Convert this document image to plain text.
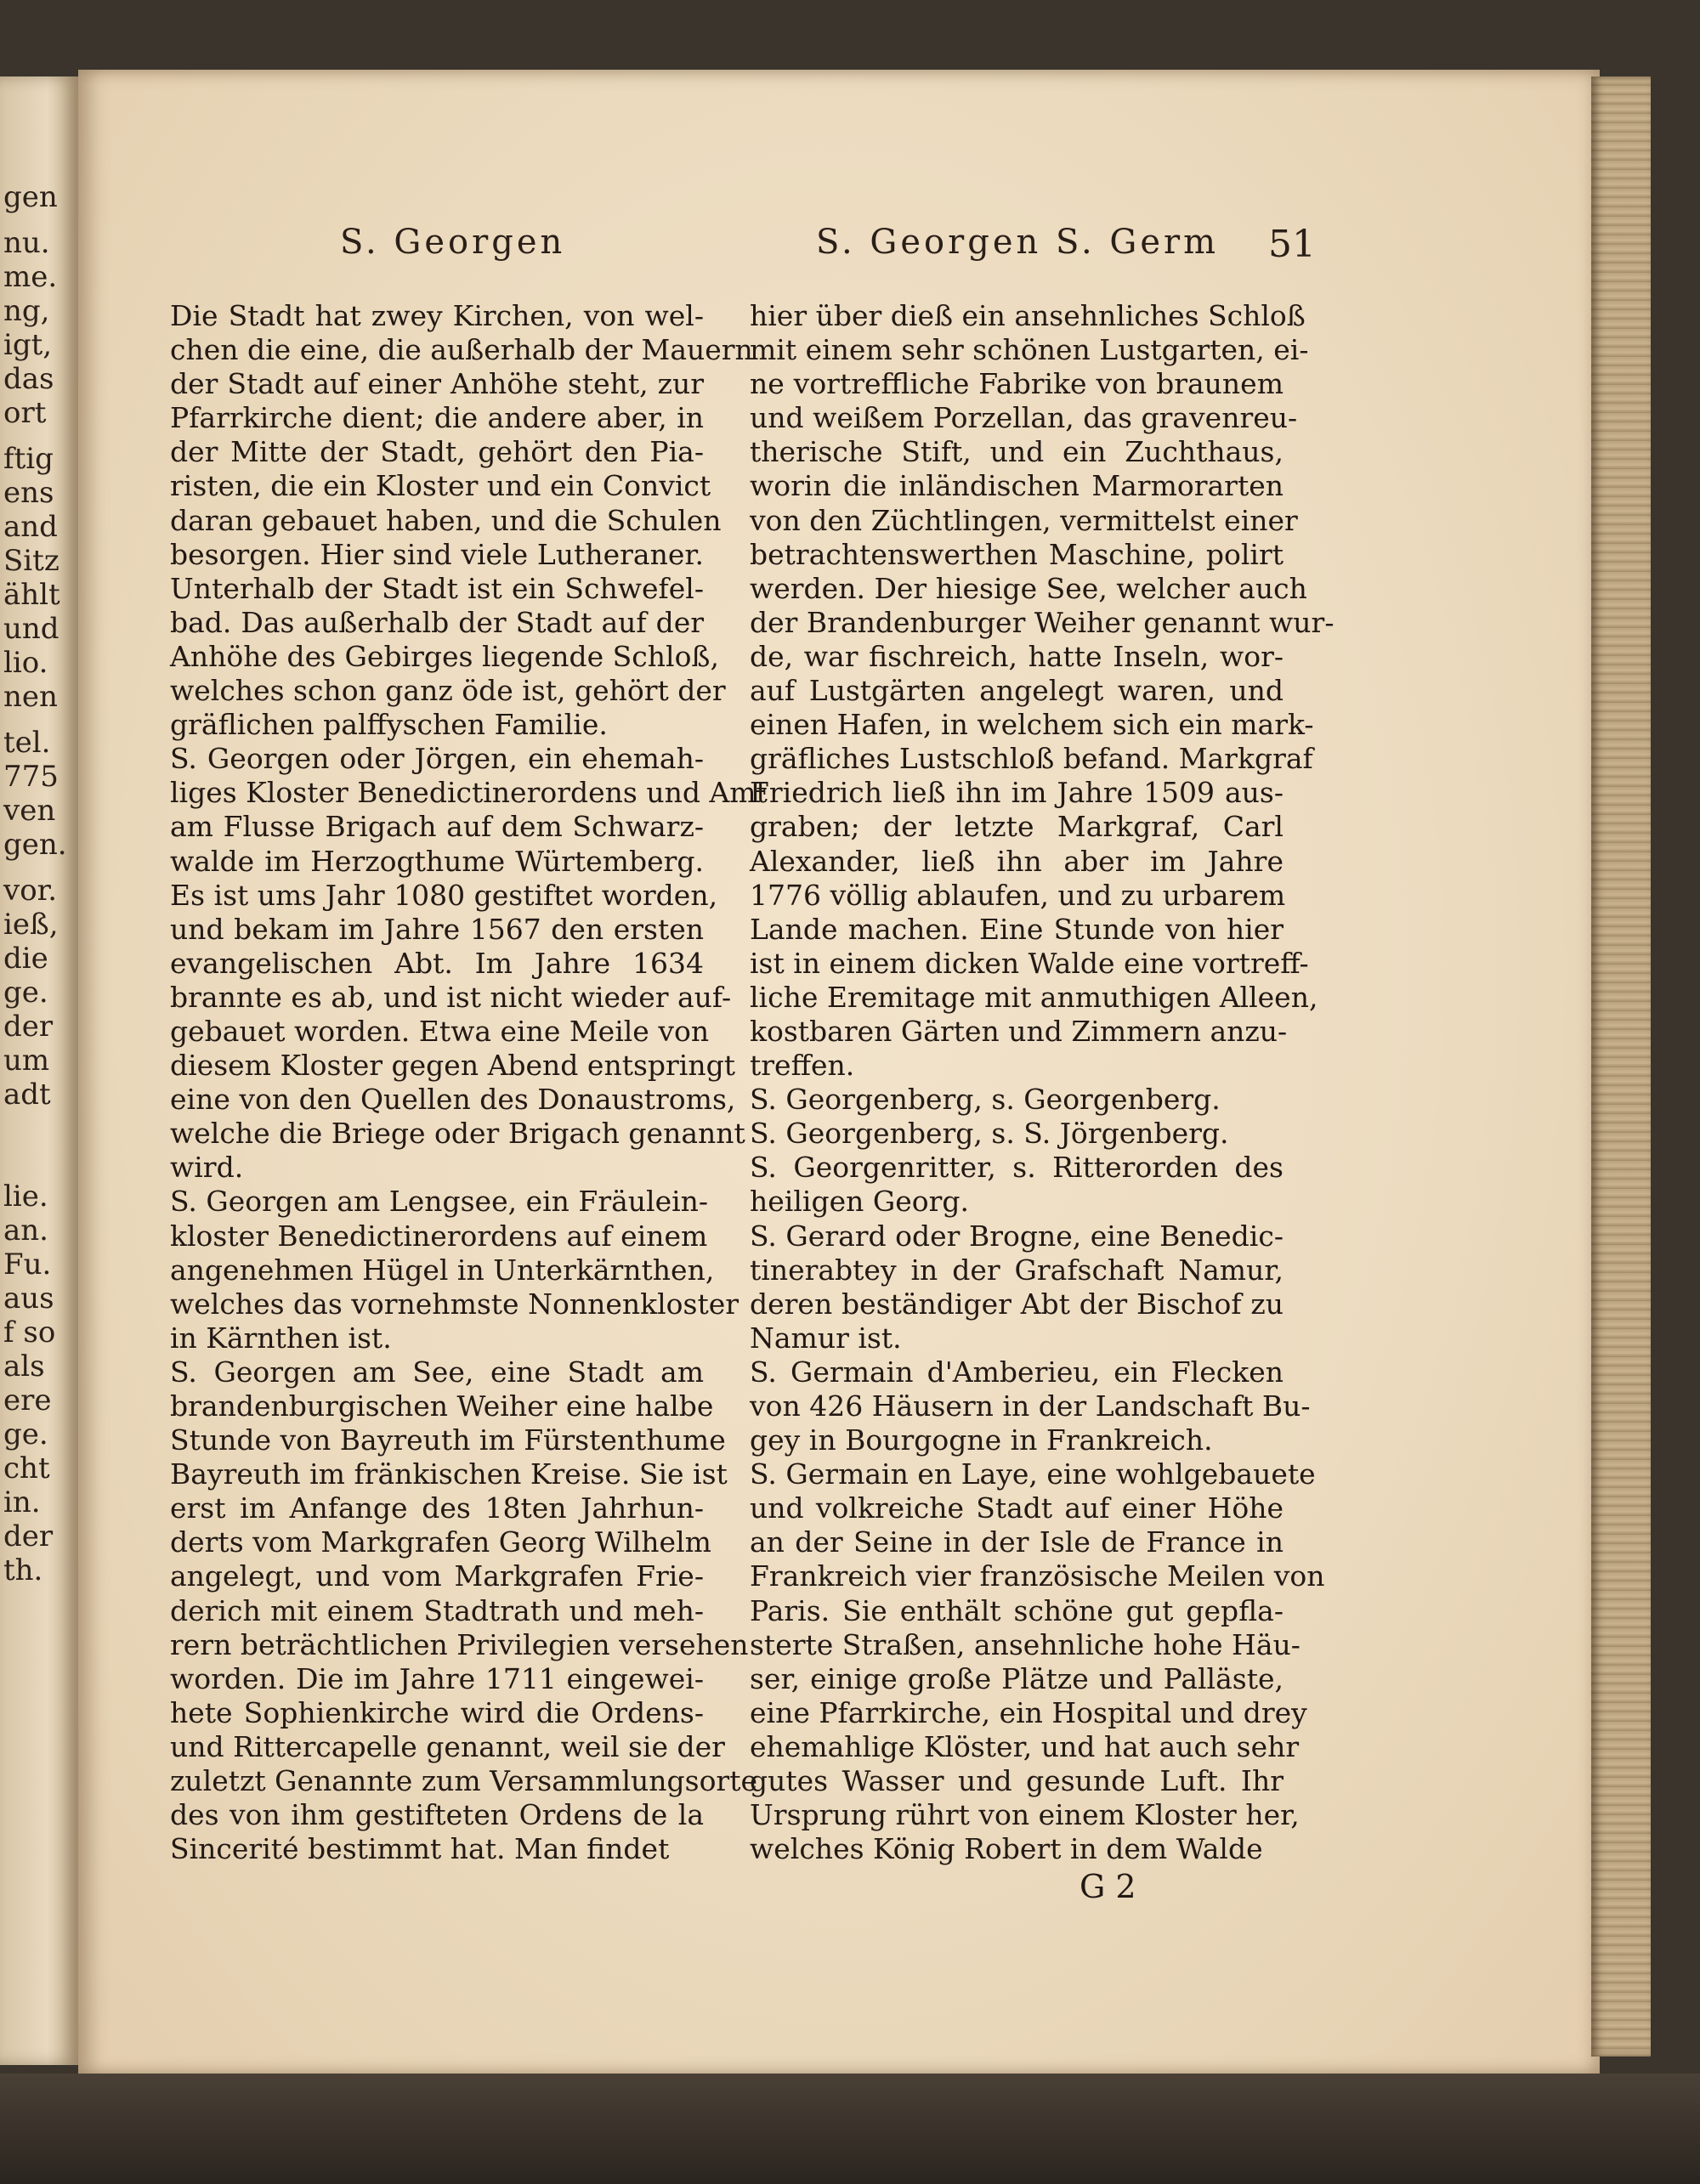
gen
nu.
me.
ng,
igt,
das
ort
ftig
ens
and
Sitz
ählt
und
lio.
nen
tel.
775
ven
gen.
vor.
ieß,
die
ge.
der
um
adt
lie.
an.
Fu.
aus
f so
als
ere
ge.
cht
in.
der
th.
S. Georgen	S. Georgen S. Germ 51
Die Stadt hat zwey Kirchen, von wel-
chen die eine, die außerhalb der Mauern
der Stadt auf einer Anhöhe steht, zur
Pfarrkirche dient; die andere aber, in
der Mitte der Stadt, gehört den Pia-
risten, die ein Kloster und ein Convict
daran gebauet haben, und die Schulen
besorgen. Hier sind viele Lutheraner.
Unterhalb der Stadt ist ein Schwefel-
bad. Das außerhalb der Stadt auf der
Anhöhe des Gebirges liegende Schloß,
welches schon ganz öde ist, gehört der
gräflichen palffyschen Familie.
S. Georgen oder Jörgen, ein ehemah-
liges Kloster Benedictinerordens und Amt
am Flusse Brigach auf dem Schwarz-
walde im Herzogthume Würtemberg.
Es ist ums Jahr 1080 gestiftet worden,
und bekam im Jahre 1567 den ersten
evangelischen Abt. Im Jahre 1634
brannte es ab, und ist nicht wieder auf-
gebauet worden. Etwa eine Meile von
diesem Kloster gegen Abend entspringt
eine von den Quellen des Donaustroms,
welche die Briege oder Brigach genannt
wird.
S. Georgen am Lengsee, ein Fräulein-
kloster Benedictinerordens auf einem
angenehmen Hügel in Unterkärnthen,
welches das vornehmste Nonnenkloster
in Kärnthen ist.
S. Georgen am See, eine Stadt am
brandenburgischen Weiher eine halbe
Stunde von Bayreuth im Fürstenthume
Bayreuth im fränkischen Kreise. Sie ist
erst im Anfange des 18ten Jahrhun-
derts vom Markgrafen Georg Wilhelm
angelegt, und vom Markgrafen Frie-
derich mit einem Stadtrath und meh-
rern beträchtlichen Privilegien versehen
worden. Die im Jahre 1711 eingewei-
hete Sophienkirche wird die Ordens-
und Rittercapelle genannt, weil sie der
zuletzt Genannte zum Versammlungsorte
des von ihm gestifteten Ordens de la
Sincerité bestimmt hat. Man findet
hier über dieß ein ansehnliches Schloß
mit einem sehr schönen Lustgarten, ei-
ne vortreffliche Fabrike von braunem
und weißem Porzellan, das gravenreu-
therische Stift, und ein Zuchthaus,
worin die inländischen Marmorarten
von den Züchtlingen, vermittelst einer
betrachtenswerthen Maschine, polirt
werden. Der hiesige See, welcher auch
der Brandenburger Weiher genannt wur-
de, war fischreich, hatte Inseln, wor-
auf Lustgärten angelegt waren, und
einen Hafen, in welchem sich ein mark-
gräfliches Lustschloß befand. Markgraf
Friedrich ließ ihn im Jahre 1509 aus-
graben; der letzte Markgraf, Carl
Alexander, ließ ihn aber im Jahre
1776 völlig ablaufen, und zu urbarem
Lande machen. Eine Stunde von hier
ist in einem dicken Walde eine vortreff-
liche Eremitage mit anmuthigen Alleen,
kostbaren Gärten und Zimmern anzu-
treffen.
S. Georgenberg, s. Georgenberg.
S. Georgenberg, s. S. Jörgenberg.
S. Georgenritter, s. Ritterorden des
heiligen Georg.
S. Gerard oder Brogne, eine Benedic-
tinerabtey in der Grafschaft Namur,
deren beständiger Abt der Bischof zu
Namur ist.
S. Germain d'Amberieu, ein Flecken
von 426 Häusern in der Landschaft Bu-
gey in Bourgogne in Frankreich.
S. Germain en Laye, eine wohlgebauete
und volkreiche Stadt auf einer Höhe
an der Seine in der Isle de France in
Frankreich vier französische Meilen von
Paris. Sie enthält schöne gut gepfla-
sterte Straßen, ansehnliche hohe Häu-
ser, einige große Plätze und Palläste,
eine Pfarrkirche, ein Hospital und drey
ehemahlige Klöster, und hat auch sehr
gutes Wasser und gesunde Luft. Ihr
Ursprung rührt von einem Kloster her,
welches König Robert in dem Walde
G 2
